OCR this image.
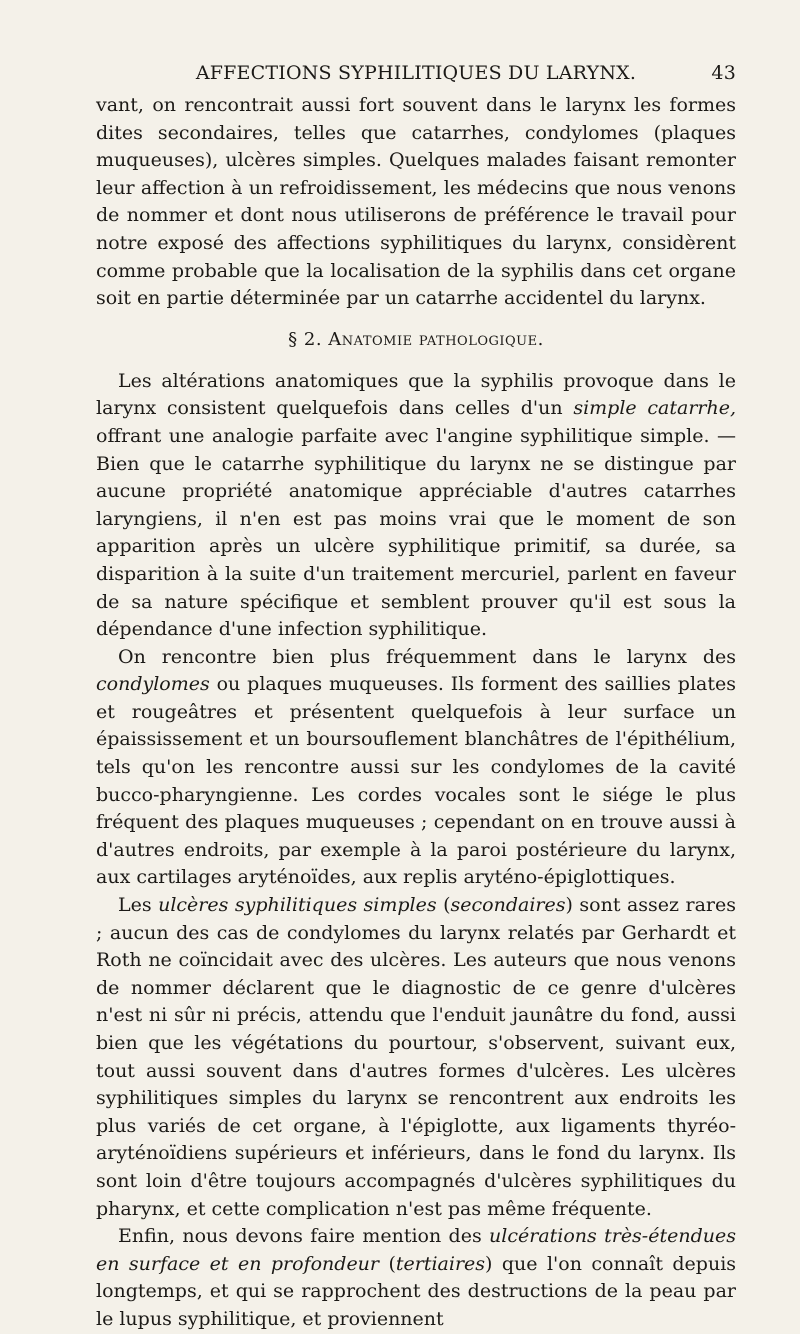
AFFECTIONS SYPHILITIQUES DU LARYNX.	43

vant, on rencontrait aussi fort souvent dans le larynx les formes dites secondaires, telles que catarrhes, condylomes (plaques muqueuses), ulcères simples. Quelques malades faisant remonter leur affection à un refroidissement, les médecins que nous venons de nommer et dont nous utiliserons de préférence le travail pour notre exposé des affections syphilitiques du larynx, considèrent comme probable que la localisation de la syphilis dans cet organe soit en partie déterminée par un catarrhe accidentel du larynx.

§ 2. Anatomie pathologique.

Les altérations anatomiques que la syphilis provoque dans le larynx consistent quelquefois dans celles d'un simple catarrhe, offrant une analogie parfaite avec l'angine syphilitique simple. — Bien que le catarrhe syphilitique du larynx ne se distingue par aucune propriété anatomique appréciable d'autres catarrhes laryngiens, il n'en est pas moins vrai que le moment de son apparition après un ulcère syphilitique primitif, sa durée, sa disparition à la suite d'un traitement mercuriel, parlent en faveur de sa nature spécifique et semblent prouver qu'il est sous la dépendance d'une infection syphilitique.

On rencontre bien plus fréquemment dans le larynx des condylomes ou plaques muqueuses. Ils forment des saillies plates et rougeâtres et présentent quelquefois à leur surface un épaississement et un boursouflement blanchâtres de l'épithélium, tels qu'on les rencontre aussi sur les condylomes de la cavité bucco-pharyngienne. Les cordes vocales sont le siége le plus fréquent des plaques muqueuses ; cependant on en trouve aussi à d'autres endroits, par exemple à la paroi postérieure du larynx, aux cartilages aryténoïdes, aux replis aryténo-épiglottiques.

Les ulcères syphilitiques simples (secondaires) sont assez rares ; aucun des cas de condylomes du larynx relatés par Gerhardt et Roth ne coïncidait avec des ulcères. Les auteurs que nous venons de nommer déclarent que le diagnostic de ce genre d'ulcères n'est ni sûr ni précis, attendu que l'enduit jaunâtre du fond, aussi bien que les végétations du pourtour, s'observent, suivant eux, tout aussi souvent dans d'autres formes d'ulcères. Les ulcères syphilitiques simples du larynx se rencontrent aux endroits les plus variés de cet organe, à l'épiglotte, aux ligaments thyréo-aryténoïdiens supérieurs et inférieurs, dans le fond du larynx. Ils sont loin d'être toujours accompagnés d'ulcères syphilitiques du pharynx, et cette complication n'est pas même fréquente.

Enfin, nous devons faire mention des ulcérations très-étendues en surface et en profondeur (tertiaires) que l'on connaît depuis longtemps, et qui se rapprochent des destructions de la peau par le lupus syphilitique, et proviennent
